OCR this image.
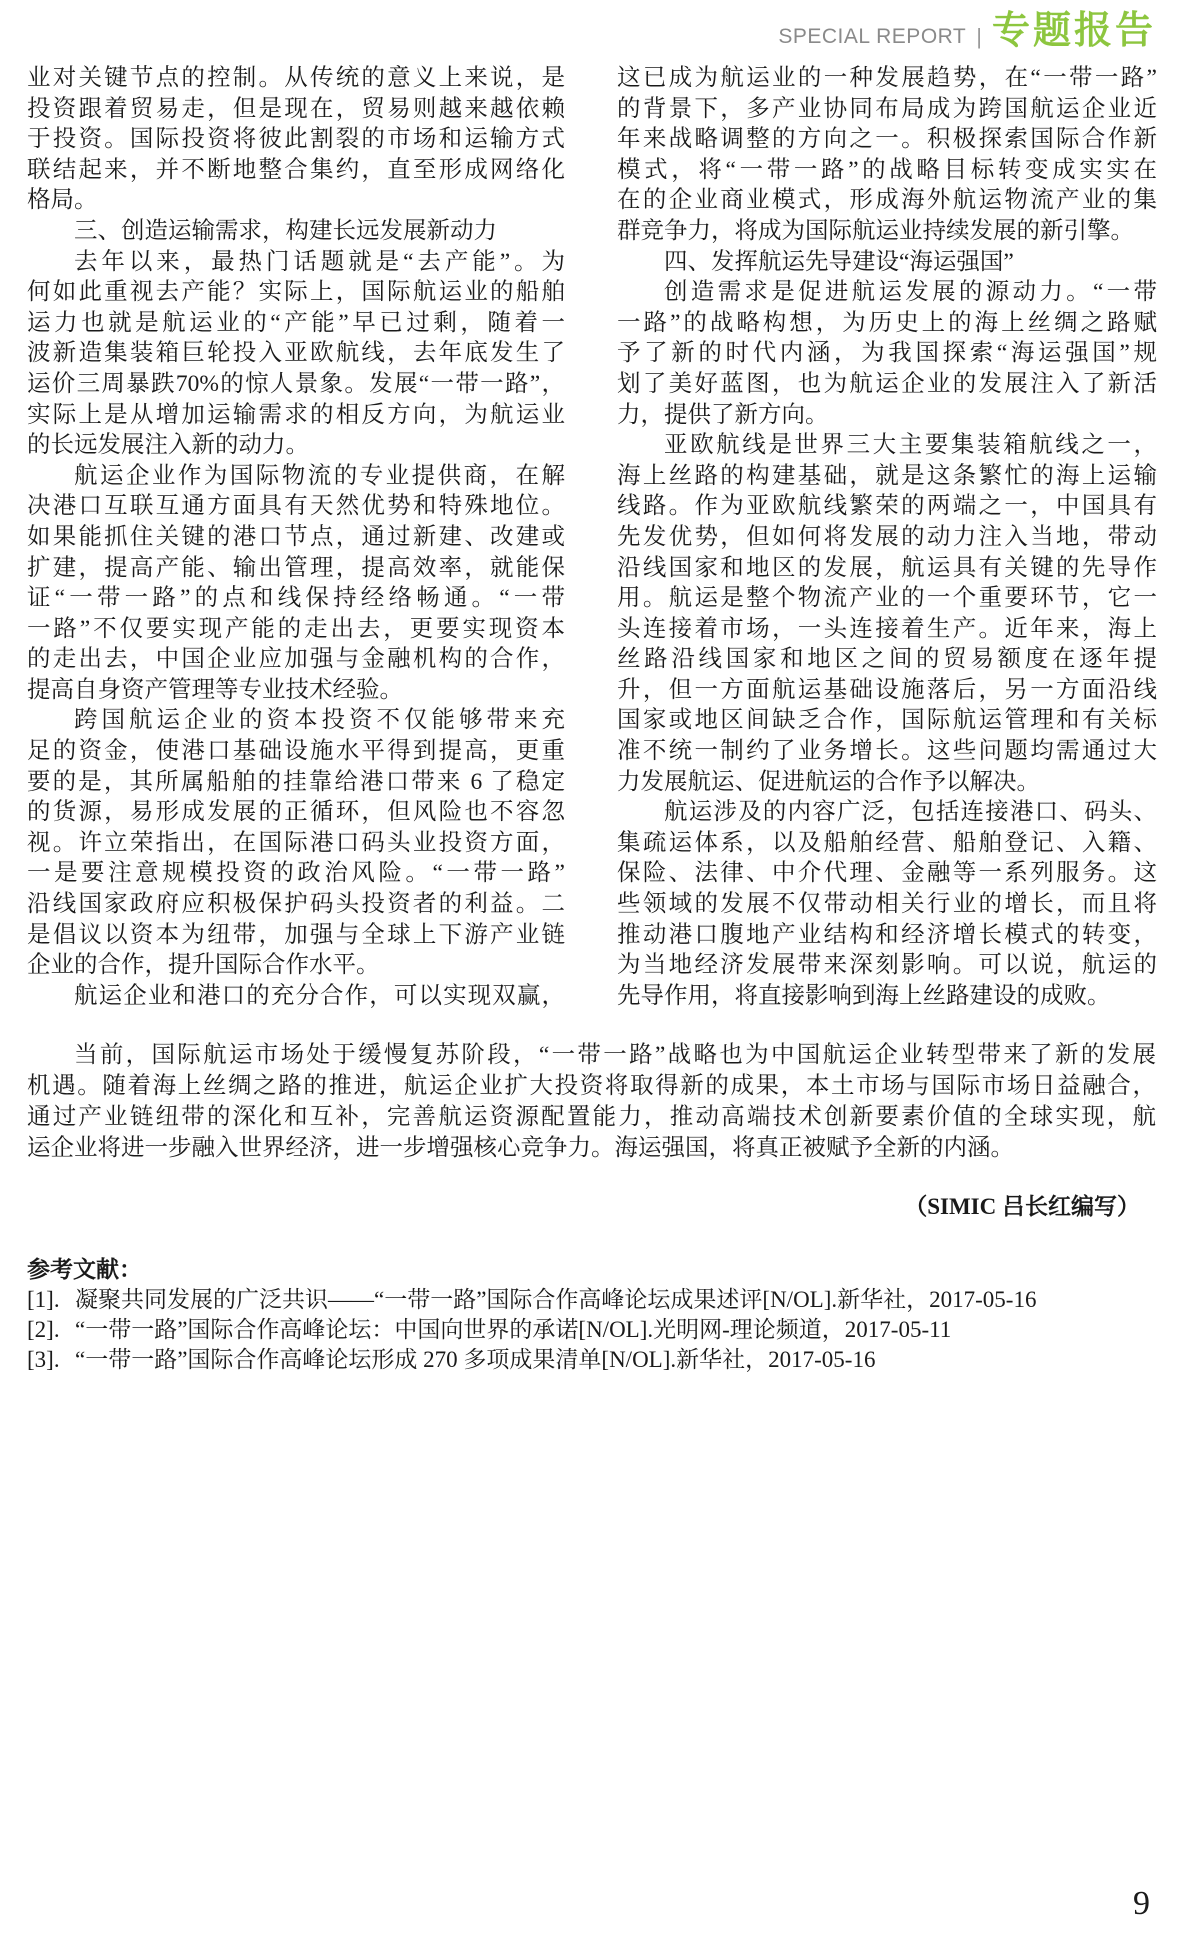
SPECIAL REPORT | 专题报告
业对关键节点的控制。从传统的意义上来说，是
投资跟着贸易走，但是现在，贸易则越来越依赖
于投资。国际投资将彼此割裂的市场和运输方式
联结起来，并不断地整合集约，直至形成网络化
格局。
三、创造运输需求，构建长远发展新动力
去年以来，最热门话题就是“去产能”。为
何如此重视去产能？实际上，国际航运业的船舶
运力也就是航运业的“产能”早已过剩，随着一
波新造集装箱巨轮投入亚欧航线，去年底发生了
运价三周暴跌70%的惊人景象。发展“一带一路”，
实际上是从增加运输需求的相反方向，为航运业
的长远发展注入新的动力。
航运企业作为国际物流的专业提供商，在解
决港口互联互通方面具有天然优势和特殊地位。
如果能抓住关键的港口节点，通过新建、改建或
扩建，提高产能、输出管理，提高效率，就能保
证“一带一路”的点和线保持经络畅通。“一带
一路”不仅要实现产能的走出去，更要实现资本
的走出去，中国企业应加强与金融机构的合作，
提高自身资产管理等专业技术经验。
跨国航运企业的资本投资不仅能够带来充
足的资金，使港口基础设施水平得到提高，更重
要的是，其所属船舶的挂靠给港口带来 6 了稳定
的货源，易形成发展的正循环，但风险也不容忽
视。许立荣指出，在国际港口码头业投资方面，
一是要注意规模投资的政治风险。“一带一路”
沿线国家政府应积极保护码头投资者的利益。二
是倡议以资本为纽带，加强与全球上下游产业链
企业的合作，提升国际合作水平。
航运企业和港口的充分合作，可以实现双赢，
这已成为航运业的一种发展趋势，在“一带一路”
的背景下，多产业协同布局成为跨国航运企业近
年来战略调整的方向之一。积极探索国际合作新
模式，将“一带一路”的战略目标转变成实实在
在的企业商业模式，形成海外航运物流产业的集
群竞争力，将成为国际航运业持续发展的新引擎。
四、发挥航运先导建设“海运强国”
创造需求是促进航运发展的源动力。“一带
一路”的战略构想，为历史上的海上丝绸之路赋
予了新的时代内涵，为我国探索“海运强国”规
划了美好蓝图，也为航运企业的发展注入了新活
力，提供了新方向。
亚欧航线是世界三大主要集装箱航线之一，
海上丝路的构建基础，就是这条繁忙的海上运输
线路。作为亚欧航线繁荣的两端之一，中国具有
先发优势，但如何将发展的动力注入当地，带动
沿线国家和地区的发展，航运具有关键的先导作
用。航运是整个物流产业的一个重要环节，它一
头连接着市场，一头连接着生产。近年来，海上
丝路沿线国家和地区之间的贸易额度在逐年提
升，但一方面航运基础设施落后，另一方面沿线
国家或地区间缺乏合作，国际航运管理和有关标
准不统一制约了业务增长。这些问题均需通过大
力发展航运、促进航运的合作予以解决。
航运涉及的内容广泛，包括连接港口、码头、
集疏运体系，以及船舶经营、船舶登记、入籍、
保险、法律、中介代理、金融等一系列服务。这
些领域的发展不仅带动相关行业的增长，而且将
推动港口腹地产业结构和经济增长模式的转变，
为当地经济发展带来深刻影响。可以说，航运的
先导作用，将直接影响到海上丝路建设的成败。
当前，国际航运市场处于缓慢复苏阶段，“一带一路”战略也为中国航运企业转型带来了新的发展
机遇。随着海上丝绸之路的推进，航运企业扩大投资将取得新的成果，本土市场与国际市场日益融合，
通过产业链纽带的深化和互补，完善航运资源配置能力，推动高端技术创新要素价值的全球实现，航
运企业将进一步融入世界经济，进一步增强核心竞争力。海运强国，将真正被赋予全新的内涵。
（SIMIC 吕长红编写）
参考文献：
[1]. 凝聚共同发展的广泛共识——“一带一路”国际合作高峰论坛成果述评[N/OL].新华社，2017-05-16
[2]. “一带一路”国际合作高峰论坛：中国向世界的承诺[N/OL].光明网-理论频道，2017-05-11
[3]. “一带一路”国际合作高峰论坛形成 270 多项成果清单[N/OL].新华社，2017-05-16
9
